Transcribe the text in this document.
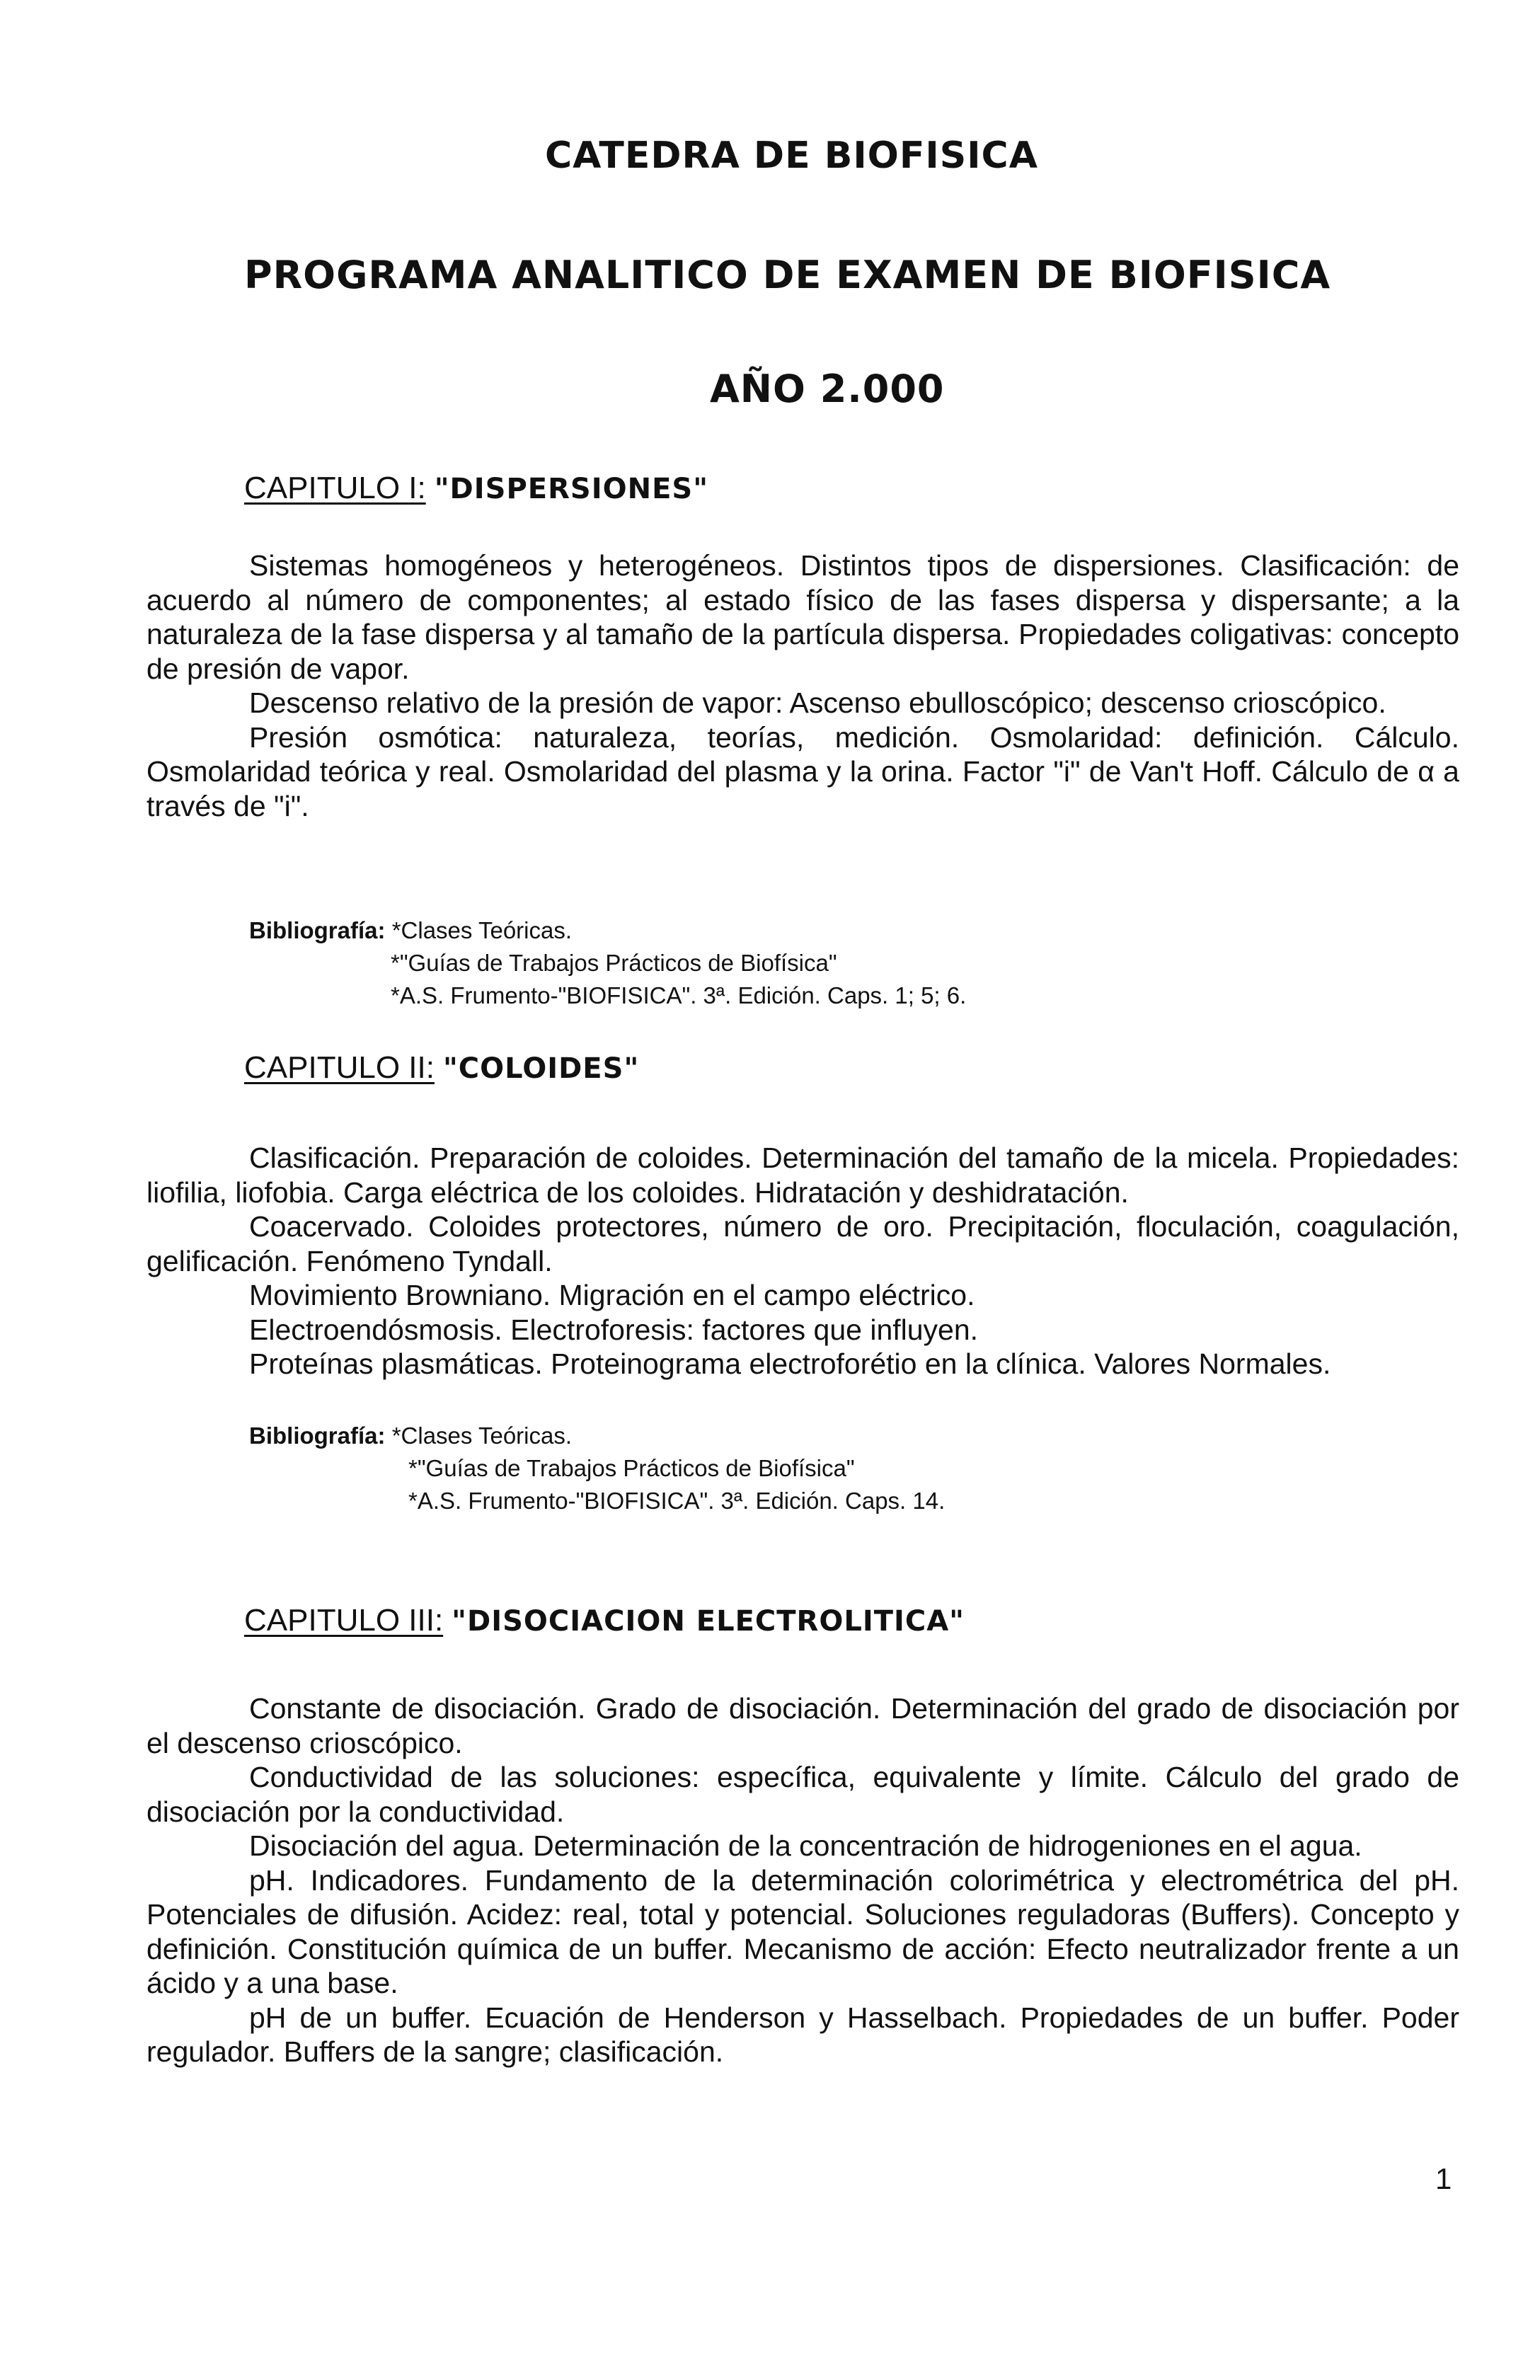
CATEDRA DE BIOFISICA
PROGRAMA ANALITICO DE EXAMEN DE BIOFISICA
AÑO 2.000
CAPITULO I: "DISPERSIONES"

Sistemas homogéneos y heterogéneos. Distintos tipos de dispersiones. Clasificación: de acuerdo al número de componentes; al estado físico de las fases dispersa y dispersante; a la naturaleza de la fase dispersa y al tamaño de la partícula dispersa. Propiedades coligativas: concepto de presión de vapor.

Descenso relativo de la presión de vapor: Ascenso ebulloscópico; descenso crioscópico.

Presión osmótica: naturaleza, teorías, medición. Osmolaridad: definición. Cálculo. Osmolaridad teórica y real. Osmolaridad del plasma y la orina. Factor "i" de Van't Hoff. Cálculo de α a través de "i".

Bibliografía: *Clases Teóricas.
*"Guías de Trabajos Prácticos de Biofísica"
*A.S. Frumento-"BIOFISICA". 3ª. Edición. Caps. 1; 5; 6.
CAPITULO II: "COLOIDES"

Clasificación. Preparación de coloides. Determinación del tamaño de la micela. Propiedades: liofilia, liofobia. Carga eléctrica de los coloides. Hidratación y deshidratación.

Coacervado. Coloides protectores, número de oro. Precipitación, floculación, coagulación, gelificación. Fenómeno Tyndall.

Movimiento Browniano. Migración en el campo eléctrico.

Electroendósmosis. Electroforesis: factores que influyen.

Proteínas plasmáticas. Proteinograma electroforétio en la clínica. Valores Normales.

Bibliografía: *Clases Teóricas.
*"Guías de Trabajos Prácticos de Biofísica"
*A.S. Frumento-"BIOFISICA". 3ª. Edición. Caps. 14.
CAPITULO III: "DISOCIACION ELECTROLITICA"

Constante de disociación. Grado de disociación. Determinación del grado de disociación por el descenso crioscópico.

Conductividad de las soluciones: específica, equivalente y límite. Cálculo del grado de disociación por la conductividad.

Disociación del agua. Determinación de la concentración de hidrogeniones en el agua.

pH. Indicadores. Fundamento de la determinación colorimétrica y electrométrica del pH. Potenciales de difusión. Acidez: real, total y potencial. Soluciones reguladoras (Buffers). Concepto y definición. Constitución química de un buffer. Mecanismo de acción: Efecto neutralizador frente a un ácido y a una base.

pH de un buffer. Ecuación de Henderson y Hasselbach. Propiedades de un buffer. Poder regulador. Buffers de la sangre; clasificación.

1
